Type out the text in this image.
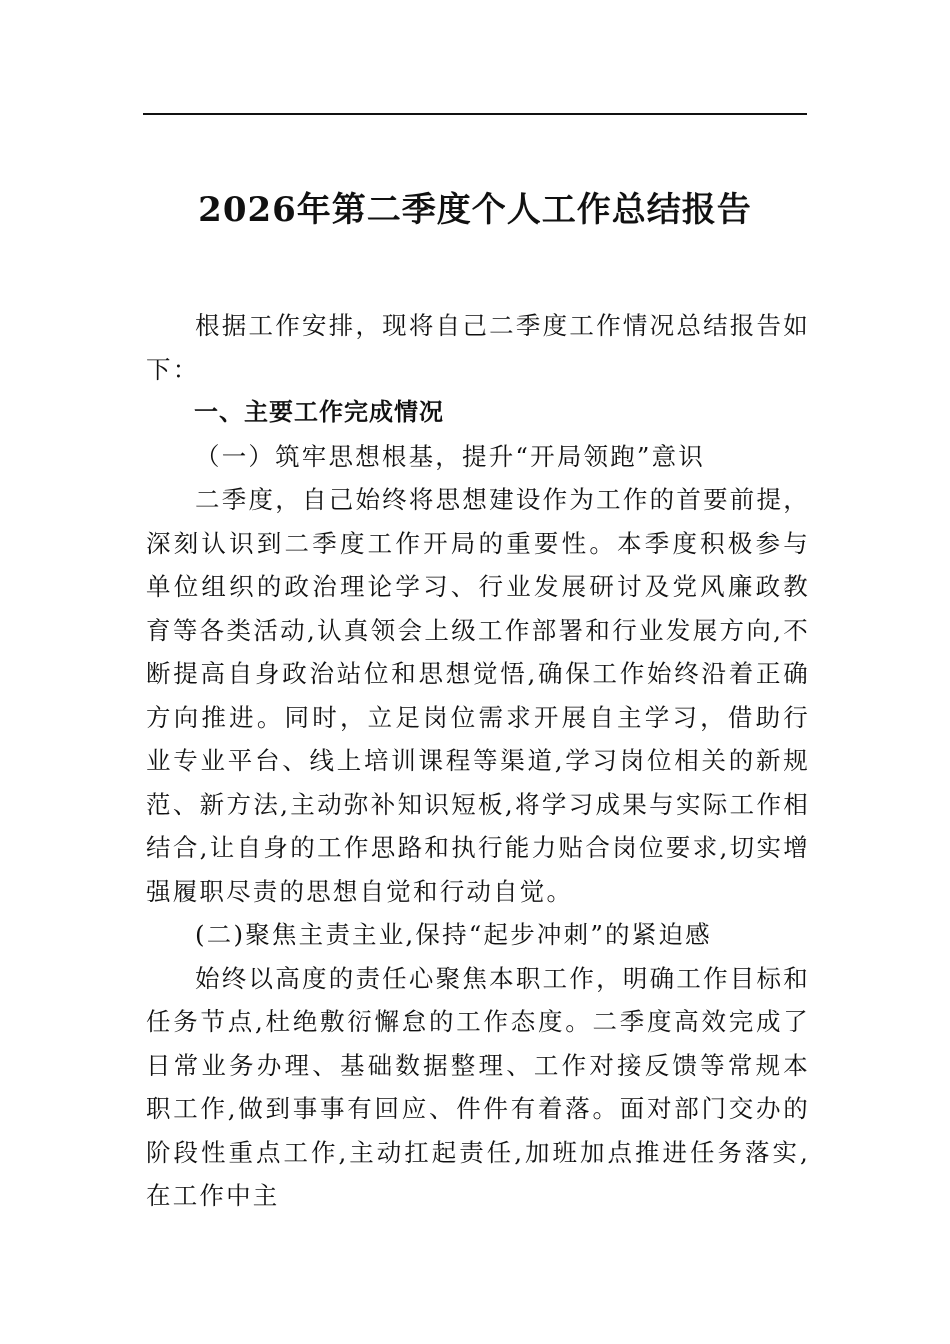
2026年第二季度个人工作总结报告

根据工作安排，现将自己二季度工作情况总结报告如下：

一、主要工作完成情况

（一）筑牢思想根基，提升“开局领跑”意识

二季度，自己始终将思想建设作为工作的首要前提，深刻认识到二季度工作开局的重要性。本季度积极参与单位组织的政治理论学习、行业发展研讨及党风廉政教育等各类活动,认真领会上级工作部署和行业发展方向,不断提高自身政治站位和思想觉悟,确保工作始终沿着正确方向推进。同时，立足岗位需求开展自主学习，借助行业专业平台、线上培训课程等渠道,学习岗位相关的新规范、新方法,主动弥补知识短板,将学习成果与实际工作相结合,让自身的工作思路和执行能力贴合岗位要求,切实增强履职尽责的思想自觉和行动自觉。

(二)聚焦主责主业,保持“起步冲刺”的紧迫感

始终以高度的责任心聚焦本职工作，明确工作目标和任务节点,杜绝敷衍懈怠的工作态度。二季度高效完成了日常业务办理、基础数据整理、工作对接反馈等常规本职工作,做到事事有回应、件件有着落。面对部门交办的阶段性重点工作,主动扛起责任,加班加点推进任务落实,在工作中主
